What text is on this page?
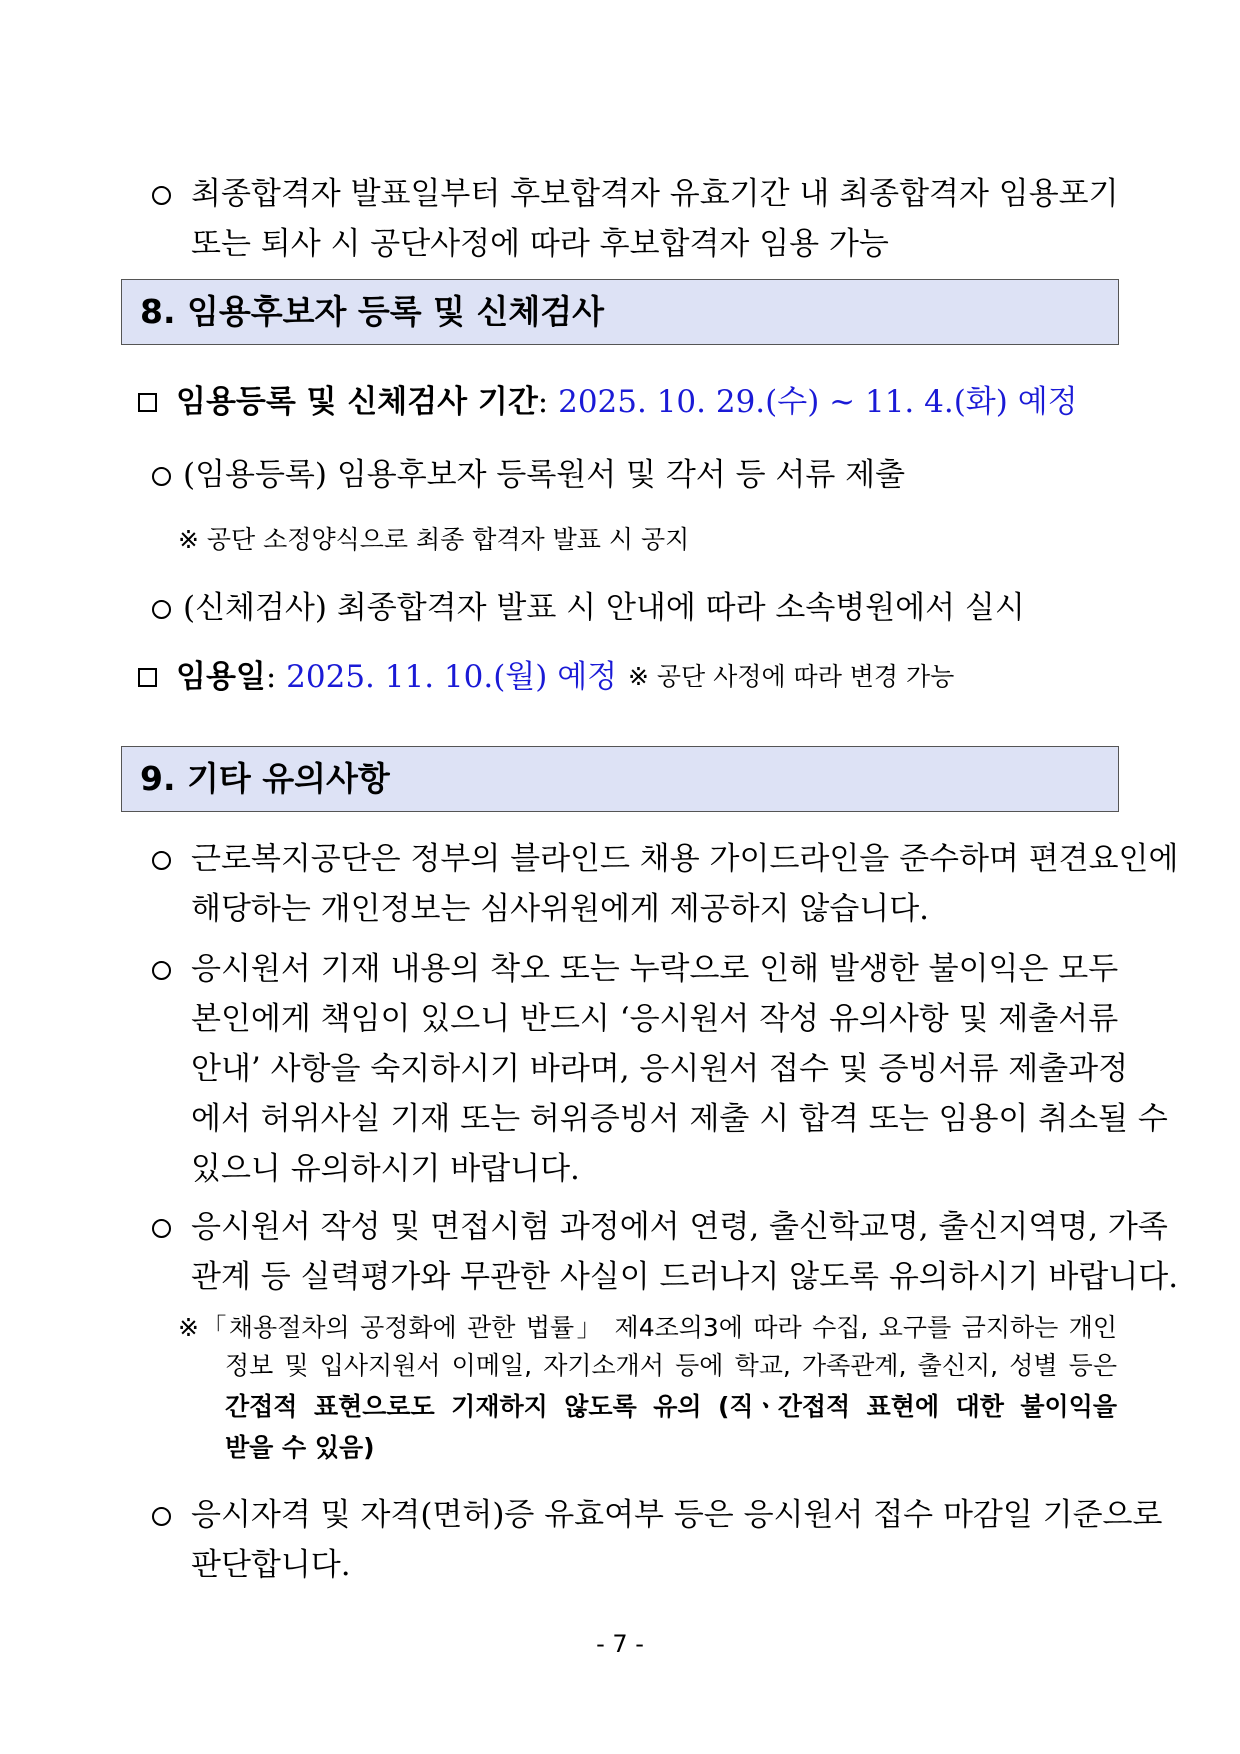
최종합격자 발표일부터 후보합격자 유효기간 내 최종합격자 임용포기
또는 퇴사 시 공단사정에 따라 후보합격자 임용 가능
8. 임용후보자 등록 및 신체검사
임용등록 및 신체검사 기간: 2025. 10. 29.(수) ~ 11. 4.(화) 예정
(임용등록) 임용후보자 등록원서 및 각서 등 서류 제출
※ 공단 소정양식으로 최종 합격자 발표 시 공지
(신체검사) 최종합격자 발표 시 안내에 따라 소속병원에서 실시
임용일: 2025. 11. 10.(월) 예정 ※ 공단 사정에 따라 변경 가능
9. 기타 유의사항
근로복지공단은 정부의 블라인드 채용 가이드라인을 준수하며 편견요인에
해당하는 개인정보는 심사위원에게 제공하지 않습니다.
응시원서 기재 내용의 착오 또는 누락으로 인해 발생한 불이익은 모두
본인에게 책임이 있으니 반드시 ‘응시원서 작성 유의사항 및 제출서류
안내’ 사항을 숙지하시기 바라며, 응시원서 접수 및 증빙서류 제출과정
에서 허위사실 기재 또는 허위증빙서 제출 시 합격 또는 임용이 취소될 수
있으니 유의하시기 바랍니다.
응시원서 작성 및 면접시험 과정에서 연령, 출신학교명, 출신지역명, 가족
관계 등 실력평가와 무관한 사실이 드러나지 않도록 유의하시기 바랍니다.
※「채용절차의 공정화에 관한 법률」 제4조의3에 따라 수집, 요구를 금지하는 개인
정보 및 입사지원서 이메일, 자기소개서 등에 학교, 가족관계, 출신지, 성별 등은
간접적 표현으로도 기재하지 않도록 유의 (직ㆍ간접적 표현에 대한 불이익을
받을 수 있음)
응시자격 및 자격(면허)증 유효여부 등은 응시원서 접수 마감일 기준으로
판단합니다.
- 7 -
